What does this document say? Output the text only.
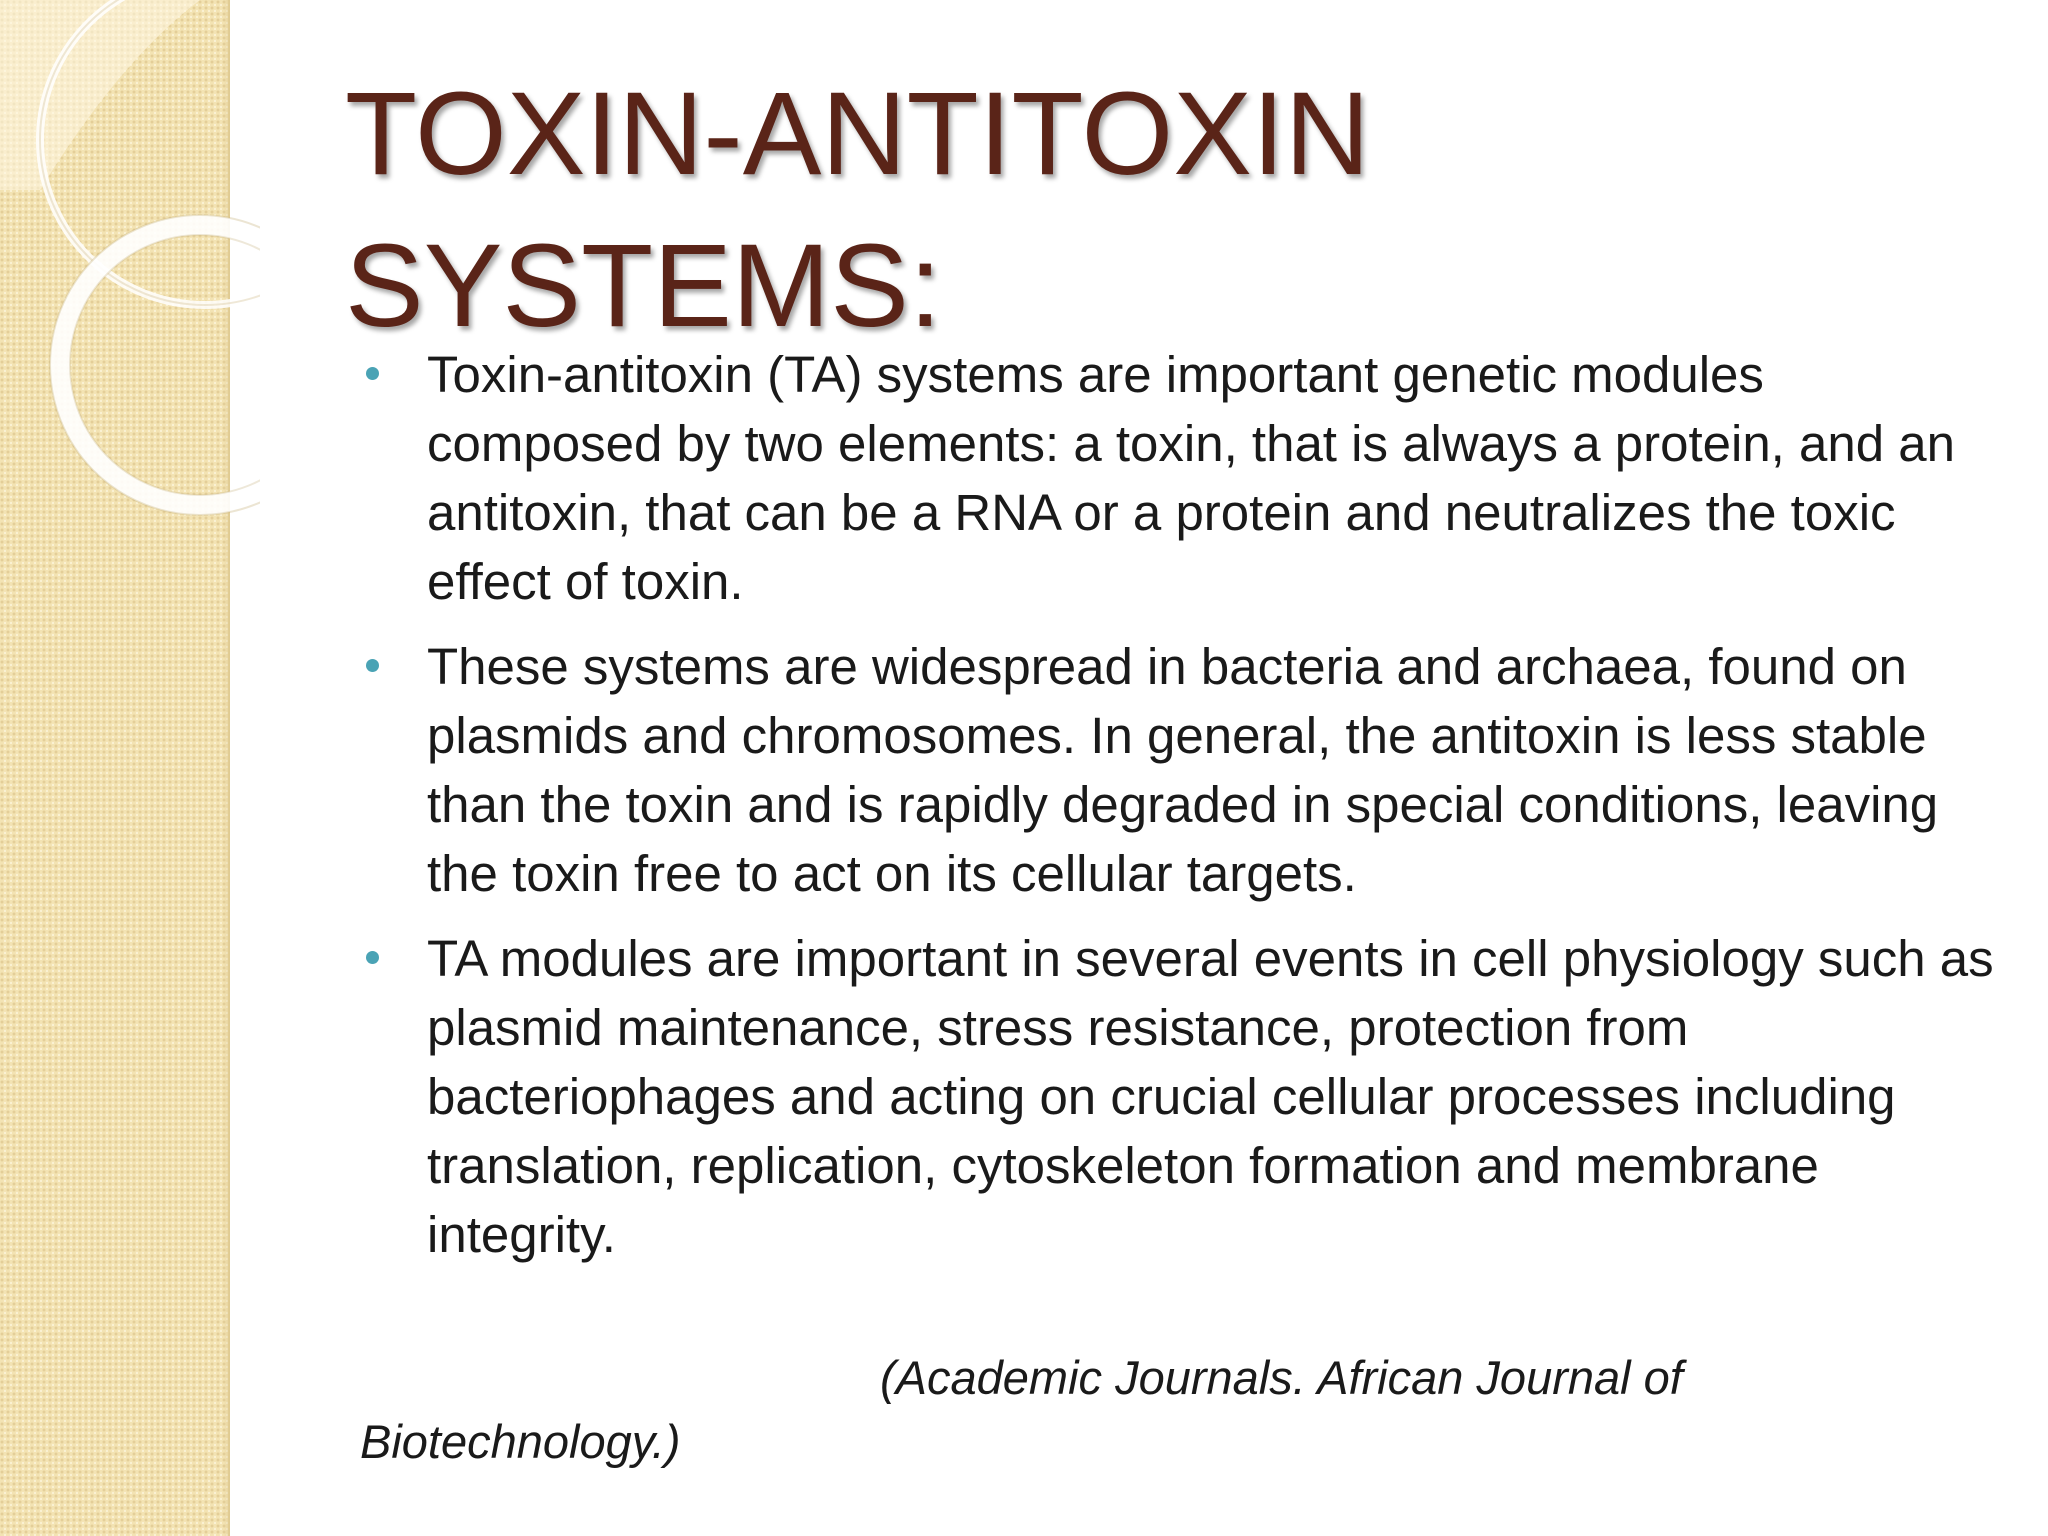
TOXIN-ANTITOXIN
SYSTEMS:
Toxin-antitoxin (TA) systems are important genetic modules composed by two elements: a toxin, that is always a protein, and an antitoxin, that can be a RNA or a protein and neutralizes the toxic effect of toxin.
These systems are widespread in bacteria and archaea, found on plasmids and chromosomes. In general, the antitoxin is less stable than the toxin and is rapidly degraded in special conditions, leaving the toxin free to act on its cellular targets.
TA modules are important in several events in cell physiology such as plasmid maintenance, stress resistance, protection from bacteriophages and acting on crucial cellular processes including translation, replication, cytoskeleton formation and membrane integrity.
(Academic Journals. African Journal of
Biotechnology.)
